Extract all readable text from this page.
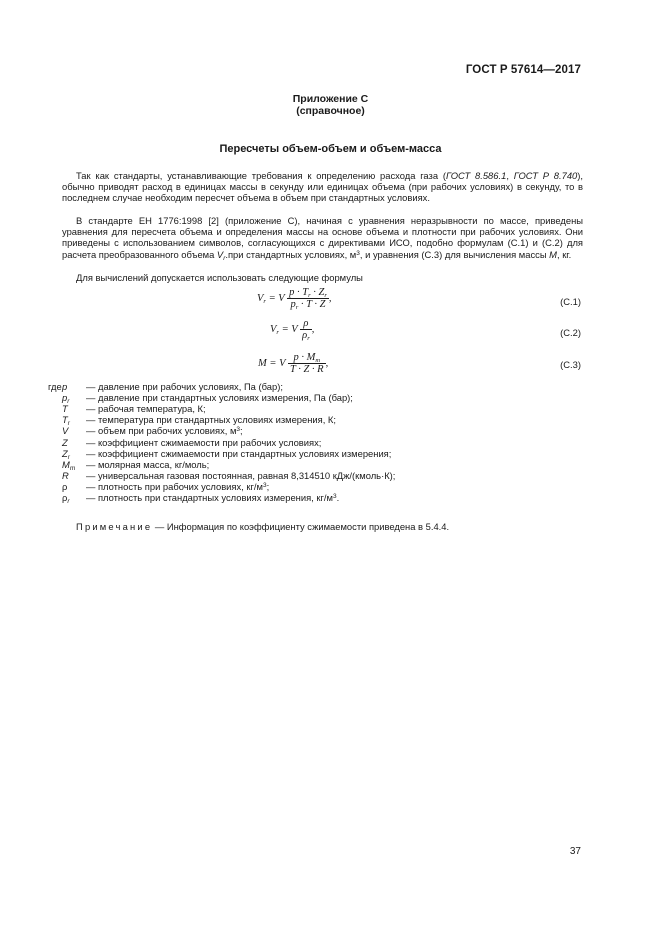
ГОСТ Р 57614—2017
Приложение С
(справочное)
Пересчеты объем-объем и объем-масса

Так как стандарты, устанавливающие требования к определению расхода газа (ГОСТ 8.586.1, ГОСТ Р 8.740), обычно приводят расход в единицах массы в секунду или единицах объема (при рабочих условиях) в секунду, то в последнем случае необходим пересчет объема в объем при стандартных условиях.

В стандарте ЕН 1776:1998 [2] (приложение С), начиная с уравнения неразрывности по массе, приведены уравнения для пересчета объема и определения массы на основе объема и плотности при рабочих условиях. Они приведены с использованием символов, согласующихся с директивами ИСО, подобно формулам (С.1) и (С.2) для расчета преобразованного объема $V_r.при$ стандартных условиях, $м^3$, и уравнения (С.3) для вычисления массы M, кг.

Для вычислений допускается использовать следующие формулы

$V_r = V \frac{p \cdot T_r \cdot Z_r}{p_r \cdot T \cdot Z}$ ,	(С.1)
$V_r = V \frac{\rho}{\rho_r}$ ,	(С.2)
M = V $\frac{p \cdot M_m}{T \cdot Z \cdot R}$ ,	(С.3)
где p — давление при рабочих условиях, Па (бар);
$p_r$ — давление при стандартных условиях измерения, Па (бар);
T — рабочая температура, К;
$T_r$ — температура при стандартных условиях измерения, К;
V — объем при рабочих условиях, $м^3$;
Z — коэффициент сжимаемости при рабочих условиях;
$Z_r$ — коэффициент сжимаемости при стандартных условиях измерения;
$M_m$ — молярная масса, кг/моль;
R — универсальная газовая постоянная, равная 8,314510 кДж/(кмоль·К);
ρ — плотность при рабочих условиях, $кг/м^3$;
$\rho_r$ — плотность при стандартных условиях измерения, $кг/м^3$.
Примечание — Информация по коэффициенту сжимаемости приведена в 5.4.4.
37
